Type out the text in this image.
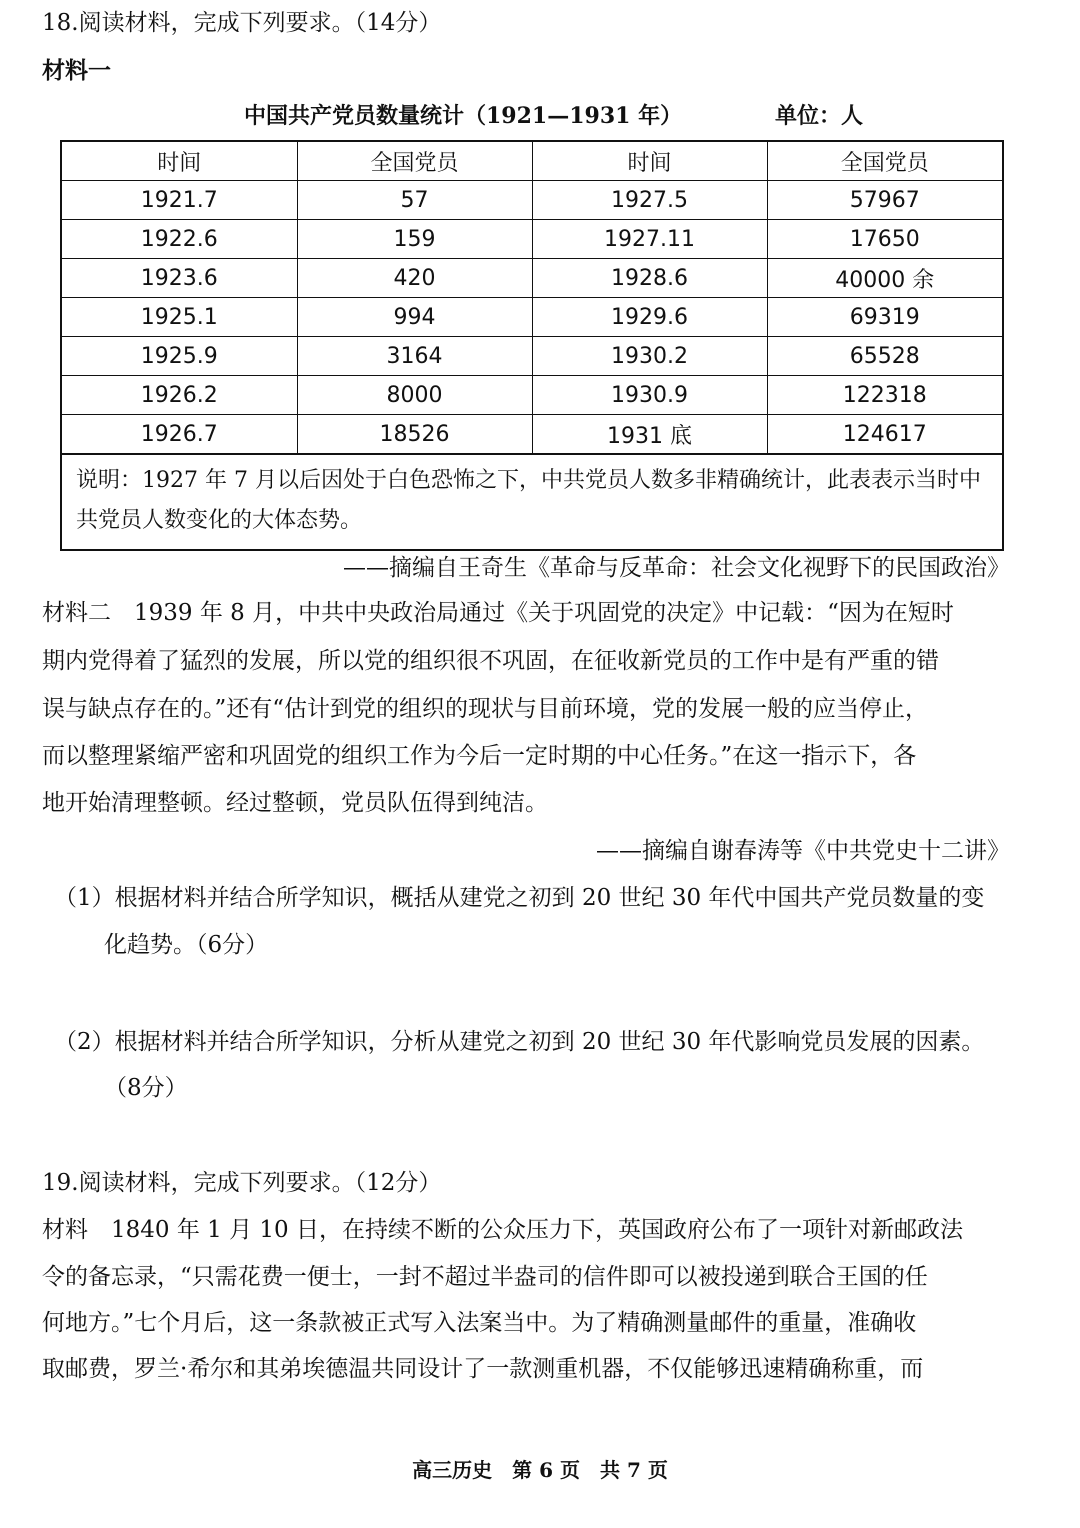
18.阅读材料，完成下列要求。（14分）
材料一
中国共产党员数量统计（1921—1931 年）	单位：人
时间	全国党员	时间	全国党员
1921.7	57	1927.5	57967
1922.6	159	1927.11	17650
1923.6	420	1928.6	40000 余
1925.1	994	1929.6	69319
1925.9	3164	1930.2	65528
1926.2	8000	1930.9	122318
1926.7	18526	1931 底	124617
说明：1927 年 7 月以后因处于白色恐怖之下，中共党员人数多非精确统计，此表表示当时中共党员人数变化的大体态势。
——摘编自王奇生《革命与反革命：社会文化视野下的民国政治》
材料二　1939 年 8 月，中共中央政治局通过《关于巩固党的决定》中记载：“因为在短时
期内党得着了猛烈的发展，所以党的组织很不巩固，在征收新党员的工作中是有严重的错
误与缺点存在的。”还有“估计到党的组织的现状与目前环境，党的发展一般的应当停止，
而以整理紧缩严密和巩固党的组织工作为今后一定时期的中心任务。”在这一指示下，各
地开始清理整顿。经过整顿，党员队伍得到纯洁。
——摘编自谢春涛等《中共党史十二讲》
（1）根据材料并结合所学知识，概括从建党之初到 20 世纪 30 年代中国共产党员数量的变
化趋势。（6分）
（2）根据材料并结合所学知识，分析从建党之初到 20 世纪 30 年代影响党员发展的因素。
（8分）
19.阅读材料，完成下列要求。（12分）
材料　1840 年 1 月 10 日，在持续不断的公众压力下，英国政府公布了一项针对新邮政法
令的备忘录，“只需花费一便士，一封不超过半盎司的信件即可以被投递到联合王国的任
何地方。”七个月后，这一条款被正式写入法案当中。为了精确测量邮件的重量，准确收
取邮费，罗兰·希尔和其弟埃德温共同设计了一款测重机器，不仅能够迅速精确称重，而
高三历史　第 6 页　共 7 页
